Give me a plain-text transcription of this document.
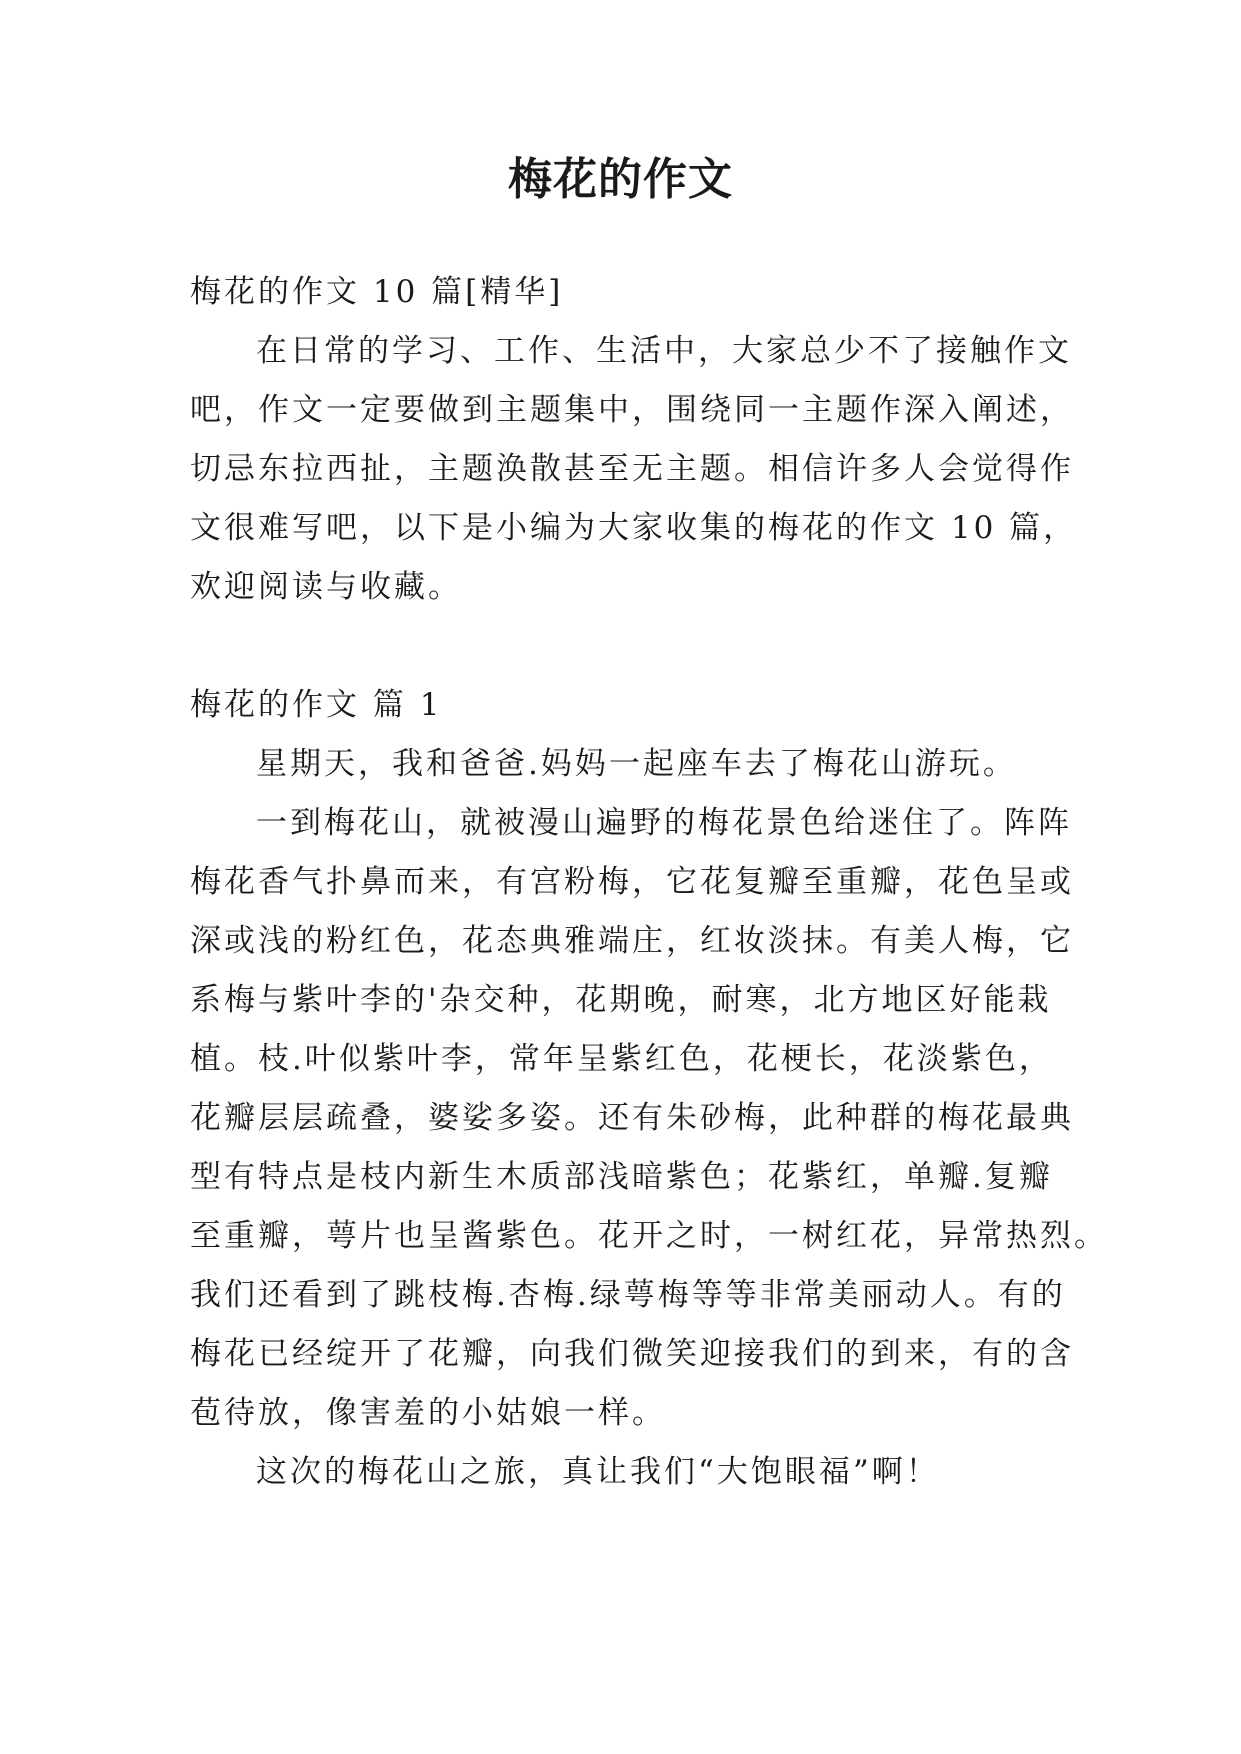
梅花的作文

梅花的作文 10 篇[精华]

在日常的学习、工作、生活中，大家总少不了接触作文

吧，作文一定要做到主题集中，围绕同一主题作深入阐述，

切忌东拉西扯，主题涣散甚至无主题。相信许多人会觉得作

文很难写吧，以下是小编为大家收集的梅花的作文 10 篇，

欢迎阅读与收藏。

梅花的作文 篇 1

星期天，我和爸爸.妈妈一起座车去了梅花山游玩。

一到梅花山，就被漫山遍野的梅花景色给迷住了。阵阵

梅花香气扑鼻而来，有宫粉梅，它花复瓣至重瓣，花色呈或

深或浅的粉红色，花态典雅端庄，红妆淡抹。有美人梅，它

系梅与紫叶李的'杂交种，花期晚，耐寒，北方地区好能栽

植。枝.叶似紫叶李，常年呈紫红色，花梗长，花淡紫色，

花瓣层层疏叠，婆娑多姿。还有朱砂梅，此种群的梅花最典

型有特点是枝内新生木质部浅暗紫色；花紫红，单瓣.复瓣

至重瓣，萼片也呈酱紫色。花开之时，一树红花，异常热烈。

我们还看到了跳枝梅.杏梅.绿萼梅等等非常美丽动人。有的

梅花已经绽开了花瓣，向我们微笑迎接我们的到来，有的含

苞待放，像害羞的小姑娘一样。

这次的梅花山之旅，真让我们“大饱眼福”啊！
